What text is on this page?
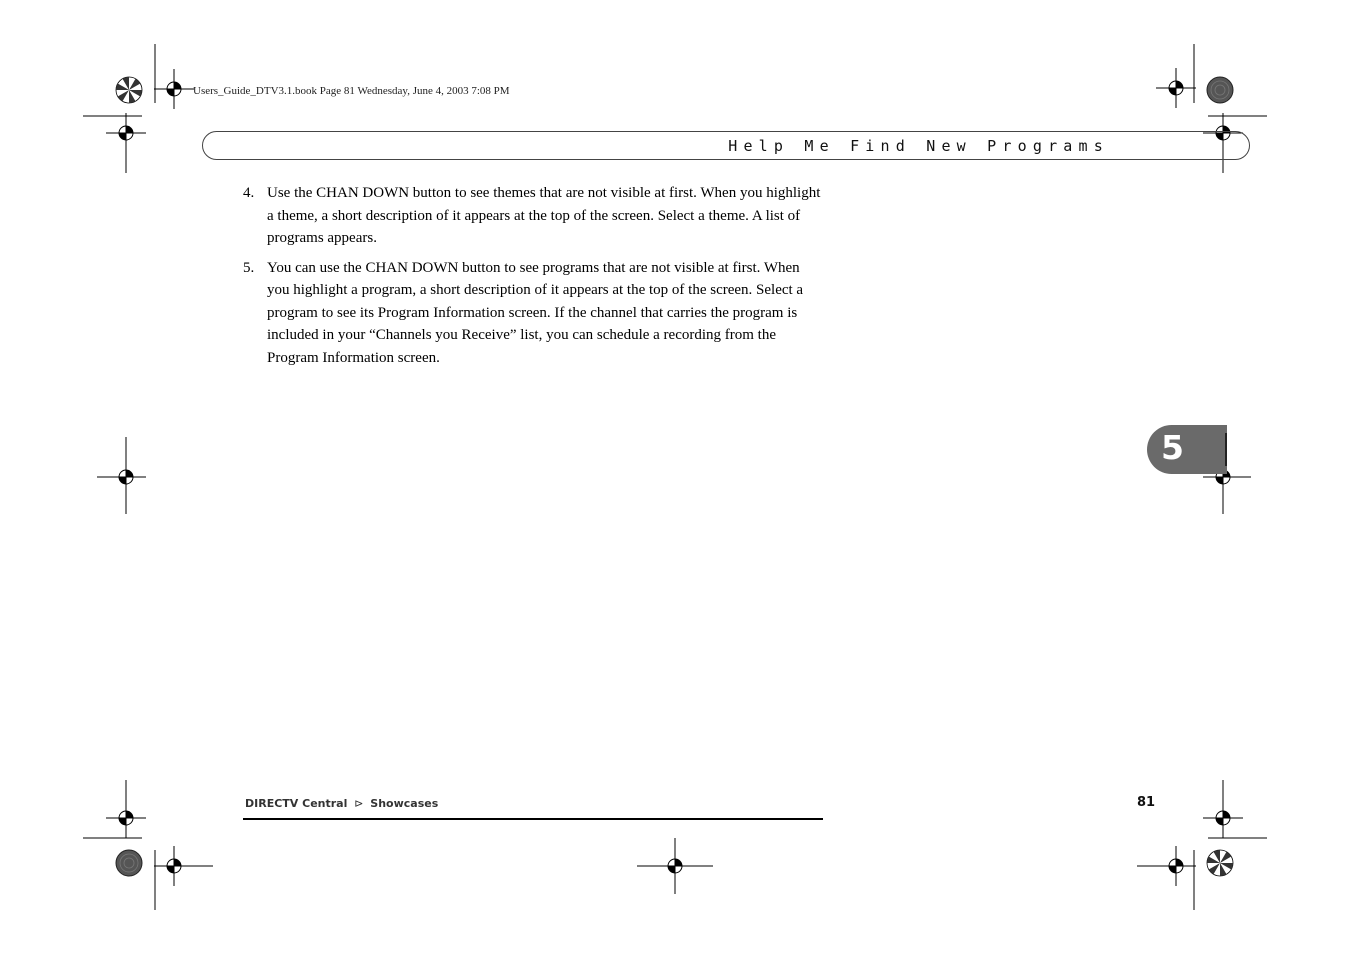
Users_Guide_DTV3.1.book Page 81 Wednesday, June 4, 2003 7:08 PM
Help Me Find New Programs
4. Use the CHAN DOWN button to see themes that are not visible at first. When you highlight a theme, a short description of it appears at the top of the screen. Select a theme. A list of programs appears.
5. You can use the CHAN DOWN button to see programs that are not visible at first. When you highlight a program, a short description of it appears at the top of the screen. Select a program to see its Program Information screen. If the channel that carries the program is included in your “Channels you Receive” list, you can schedule a recording from the Program Information screen.
5
DIRECTV Central ⊳ Showcases	81
